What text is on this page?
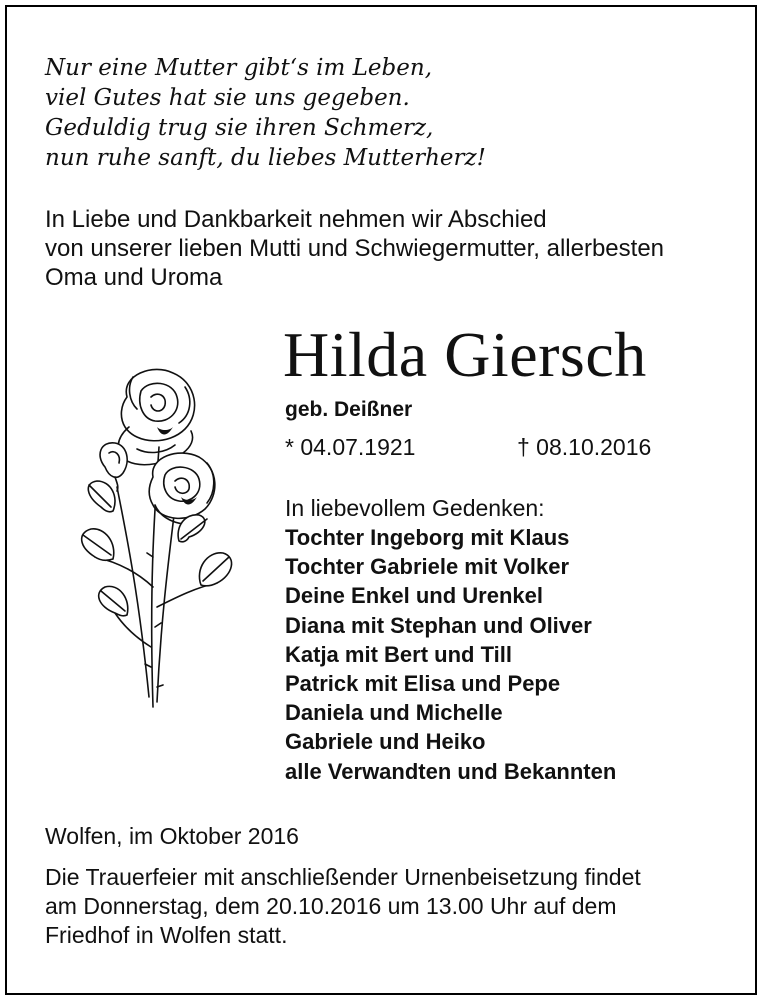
Nur eine Mutter gibt‘s im Leben,
viel Gutes hat sie uns gegeben.
Geduldig trug sie ihren Schmerz,
nun ruhe sanft, du liebes Mutterherz!
In Liebe und Dankbarkeit nehmen wir Abschied
von unserer lieben Mutti und Schwiegermutter, allerbesten
Oma und Uroma
Hilda Giersch
geb. Deißner
* 04.07.1921	† 08.10.2016
In liebevollem Gedenken:
Tochter Ingeborg mit Klaus
Tochter Gabriele mit Volker
Deine Enkel und Urenkel
Diana mit Stephan und Oliver
Katja mit Bert und Till
Patrick mit Elisa und Pepe
Daniela und Michelle
Gabriele und Heiko
alle Verwandten und Bekannten
Wolfen, im Oktober 2016
Die Trauerfeier mit anschließender Urnenbeisetzung findet
am Donnerstag, dem 20.10.2016 um 13.00 Uhr auf dem
Friedhof in Wolfen statt.
